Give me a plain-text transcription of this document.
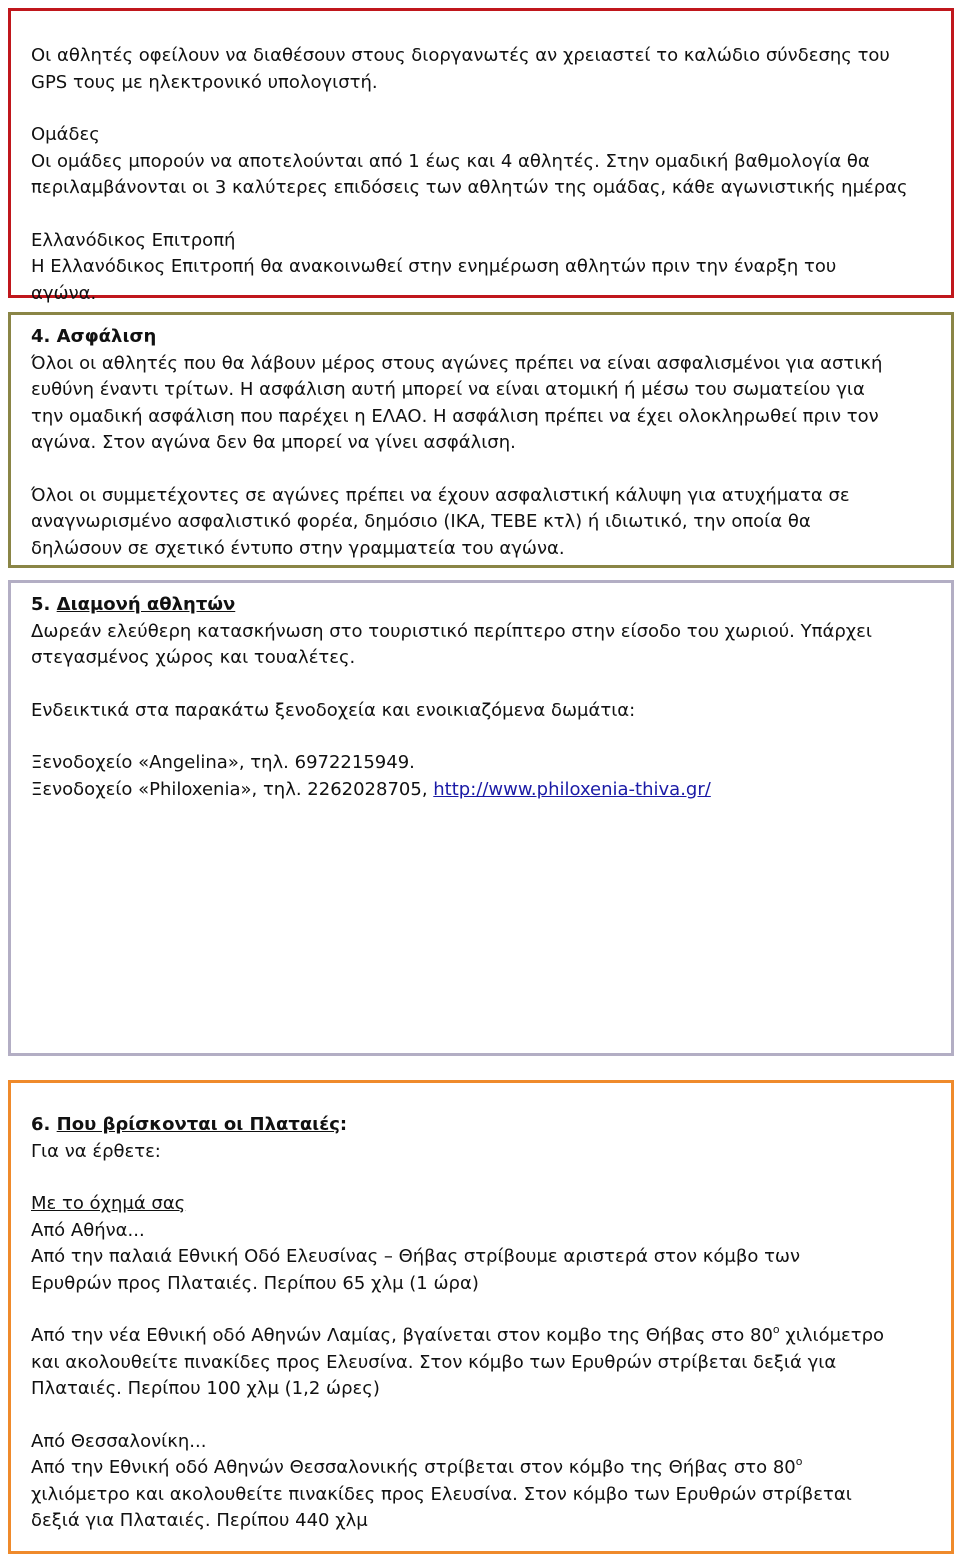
Οι αθλητές οφείλουν να διαθέσουν στους διοργανωτές αν χρειαστεί το καλώδιο σύνδεσης του

GPS τους με ηλεκτρονικό υπολογιστή.

Ομάδες

Οι ομάδες μπορούν να αποτελούνται από 1 έως και 4 αθλητές. Στην ομαδική βαθμολογία θα

περιλαμβάνονται οι 3 καλύτερες επιδόσεις των αθλητών της ομάδας, κάθε αγωνιστικής ημέρας

Ελλανόδικος Επιτροπή

Η Ελλανόδικος Επιτροπή θα ανακοινωθεί στην ενημέρωση αθλητών πριν την έναρξη του

αγώνα.

4. Ασφάλιση

Όλοι οι αθλητές που θα λάβουν μέρος στους αγώνες πρέπει να είναι ασφαλισμένοι για αστική

ευθύνη έναντι τρίτων. Η ασφάλιση αυτή μπορεί να είναι ατομική ή μέσω του σωματείου για

την ομαδική ασφάλιση που παρέχει η ΕΛΑΟ. Η ασφάλιση πρέπει να έχει ολοκληρωθεί πριν τον

αγώνα. Στον αγώνα δεν θα μπορεί να γίνει ασφάλιση.

Όλοι οι συμμετέχοντες σε αγώνες πρέπει να έχουν ασφαλιστική κάλυψη για ατυχήματα σε

αναγνωρισμένο ασφαλιστικό φορέα, δημόσιο (ΙΚΑ, ΤΕΒΕ κτλ) ή ιδιωτικό, την οποία θα

δηλώσουν σε σχετικό έντυπο στην γραμματεία του αγώνα.

5. Διαμονή αθλητών

Δωρεάν ελεύθερη κατασκήνωση στο τουριστικό περίπτερο στην είσοδο του χωριού. Υπάρχει

στεγασμένος χώρος και τουαλέτες.

Ενδεικτικά στα παρακάτω ξενοδοχεία και ενοικιαζόμενα δωμάτια:

Ξενοδοχείο «Angelina», τηλ. 6972215949.

Ξενοδοχείο «Philoxenia», τηλ. 2262028705, http://www.philoxenia-thiva.gr/

6. Που βρίσκονται οι Πλαταιές:

Για να έρθετε:

Με το όχημά σας

Από Αθήνα...

Από την παλαιά Εθνική Οδό Ελευσίνας – Θήβας στρίβουμε αριστερά στον κόμβο των

Ερυθρών προς Πλαταιές. Περίπου 65 χλμ (1 ώρα)

Από την νέα Εθνική οδό Αθηνών Λαμίας, βγαίνεται στον κομβο της Θήβας στο $80^o$ χιλιόμετρο

και ακολουθείτε πινακίδες προς Ελευσίνα. Στον κόμβο των Ερυθρών στρίβεται δεξιά για

Πλαταιές. Περίπου 100 χλμ (1,2 ώρες)

Από Θεσσαλονίκη...

Από την Εθνική οδό Αθηνών Θεσσαλονικής στρίβεται στον κόμβο της Θήβας στο $80^o$

χιλιόμετρο και ακολουθείτε πινακίδες προς Ελευσίνα. Στον κόμβο των Ερυθρών στρίβεται

δεξιά για Πλαταιές. Περίπου 440 χλμ
